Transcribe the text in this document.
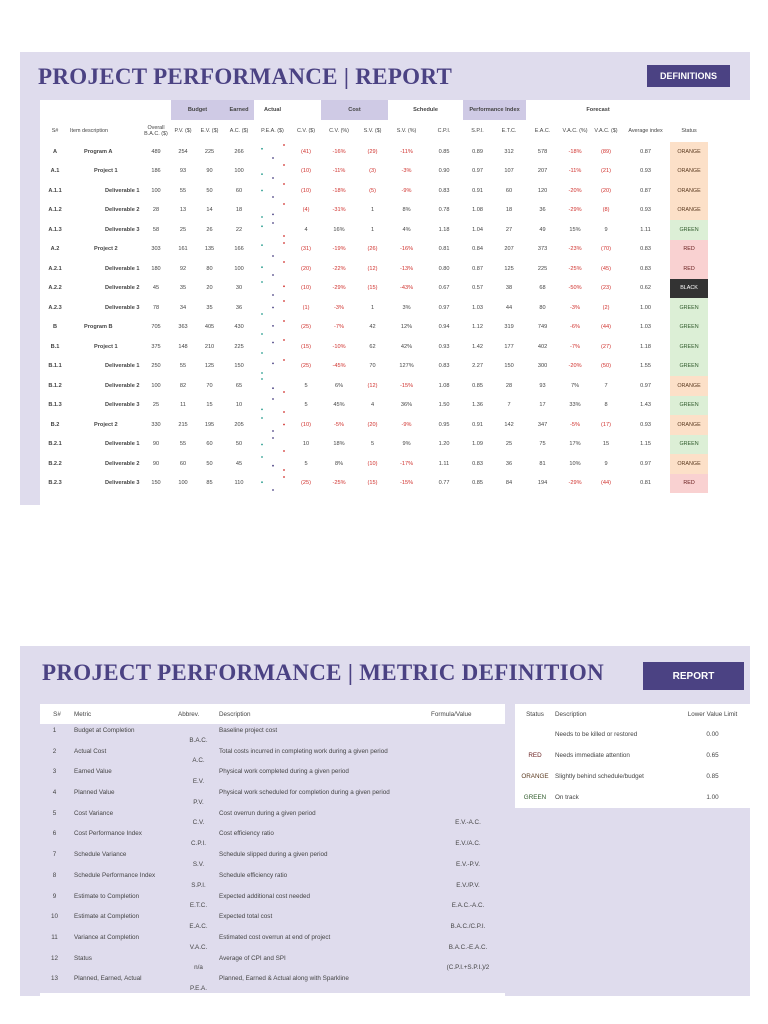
PROJECT PERFORMANCE | REPORT	DEFINITIONS
			Budget		Earned	Actual		Cost		Schedule		Performance Index		Forecast					
S#	Item description	Overall B.A.C. ($)	P.V. ($)	E.V. ($)	A.C. ($)	P.E.A. ($)	C.V. ($)	C.V. (%)	S.V. ($)	S.V. (%)	C.P.I.	S.P.I.	E.T.C.	E.A.C.	V.A.C. (%)	V.A.C. ($)	Average index	Status	
A	Program A	489	254	225	266		(41)	-16%	(29)	-11%	0.85	0.89	312	578	-18%	(89)	0.87	ORANGE	
A.1	Project 1	186	93	90	100		(10)	-11%	(3)	-3%	0.90	0.97	107	207	-11%	(21)	0.93	ORANGE	
A.1.1	Deliverable 1	100	55	50	60		(10)	-18%	(5)	-9%	0.83	0.91	60	120	-20%	(20)	0.87	ORANGE	
A.1.2	Deliverable 2	28	13	14	18		(4)	-31%	1	8%	0.78	1.08	18	36	-29%	(8)	0.93	ORANGE	
A.1.3	Deliverable 3	58	25	26	22		4	16%	1	4%	1.18	1.04	27	49	15%	9	1.11	GREEN	
A.2	Project 2	303	161	135	166		(31)	-19%	(26)	-16%	0.81	0.84	207	373	-23%	(70)	0.83	RED	
A.2.1	Deliverable 1	180	92	80	100		(20)	-22%	(12)	-13%	0.80	0.87	125	225	-25%	(45)	0.83	RED	
A.2.2	Deliverable 2	45	35	20	30		(10)	-29%	(15)	-43%	0.67	0.57	38	68	-50%	(23)	0.62	BLACK	
A.2.3	Deliverable 3	78	34	35	36		(1)	-3%	1	3%	0.97	1.03	44	80	-3%	(2)	1.00	GREEN	
B	Program B	705	363	405	430		(25)	-7%	42	12%	0.94	1.12	319	749	-6%	(44)	1.03	GREEN	
B.1	Project 1	375	148	210	225		(15)	-10%	62	42%	0.93	1.42	177	402	-7%	(27)	1.18	GREEN	
B.1.1	Deliverable 1	250	55	125	150		(25)	-45%	70	127%	0.83	2.27	150	300	-20%	(50)	1.55	GREEN	
B.1.2	Deliverable 2	100	82	70	65		5	6%	(12)	-15%	1.08	0.85	28	93	7%	7	0.97	ORANGE	
B.1.3	Deliverable 3	25	11	15	10		5	45%	4	36%	1.50	1.36	7	17	33%	8	1.43	GREEN	
B.2	Project 2	330	215	195	205		(10)	-5%	(20)	-9%	0.95	0.91	142	347	-5%	(17)	0.93	ORANGE	
B.2.1	Deliverable 1	90	55	60	50		10	18%	5	9%	1.20	1.09	25	75	17%	15	1.15	GREEN	
B.2.2	Deliverable 2	90	60	50	45		5	8%	(10)	-17%	1.11	0.83	36	81	10%	9	0.97	ORANGE	
B.2.3	Deliverable 3	150	100	85	110		(25)	-25%	(15)	-15%	0.77	0.85	84	194	-29%	(44)	0.81	RED	
PROJECT PERFORMANCE | METRIC DEFINITION	REPORT
S#	Metric	Abbrev.	Description	Formula/Value
1	Budget at Completion	B.A.C.	Baseline project cost	
2	Actual Cost	A.C.	Total costs incurred in completing work during a given period	
3	Earned Value	E.V.	Physical work completed during a given period	
4	Planned Value	P.V.	Physical work scheduled for completion during a given period	
5	Cost Variance	C.V.	Cost overrun during a given period	E.V.-A.C.
6	Cost Performance Index	C.P.I.	Cost efficiency ratio	E.V./A.C.
7	Schedule Variance	S.V.	Schedule slipped during a given period	E.V.-P.V.
8	Schedule Performance Index	S.P.I.	Schedule efficiency ratio	E.V./P.V.
9	Estimate to Completion	E.T.C.	Expected additional cost needed	E.A.C.-A.C.
10	Estimate at Completion	E.A.C.	Expected total cost	B.A.C./C.P.I.
11	Variance at Completion	V.A.C.	Estimated cost overrun at end of project	B.A.C.-E.A.C.
12	Status	n/a	Average of CPI and SPI	(C.P.I.+S.P.I.)/2
13	Planned, Earned, Actual	P.E.A.	Planned, Earned & Actual along with Sparkline	
Status	Description	Lower Value Limit
BLACK	Needs to be killed or restored	0.00
RED	Needs immediate attention	0.65
ORANGE	Slightly behind schedule/budget	0.85
GREEN	On track	1.00
